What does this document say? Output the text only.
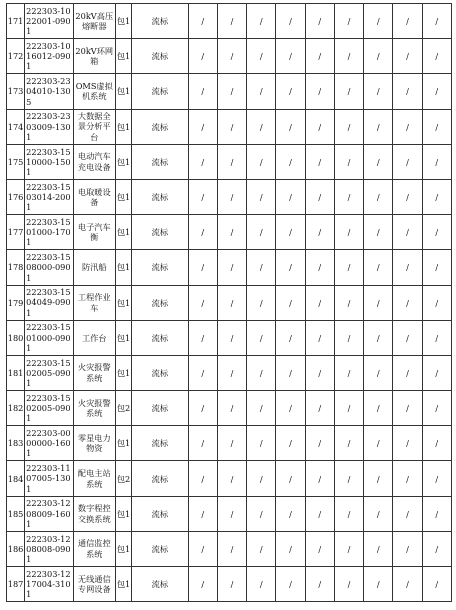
171	222303-10 22001-090 1	20kV高压 熔断器	包1	流标	/	/	/	/	/	/	/	/	/
172	222303-10 16012-090 1	20kV环网 箱	包1	流标	/	/	/	/	/	/	/	/	/
173	222303-23 04010-130 5	OMS虚拟 机系统	包1	流标	/	/	/	/	/	/	/	/	/
174	222303-23 03009-130 1	大数据全 景分析平 台	包1	流标	/	/	/	/	/	/	/	/	/
175	222303-15 10000-150 1	电动汽车 充电设备	包1	流标	/	/	/	/	/	/	/	/	/
176	222303-15 03014-200 1	电取暖设 备	包1	流标	/	/	/	/	/	/	/	/	/
177	222303-15 01000-170 1	电子汽车 衡	包1	流标	/	/	/	/	/	/	/	/	/
178	222303-15 08000-090 1	防汛船	包1	流标	/	/	/	/	/	/	/	/	/
179	222303-15 04049-090 1	工程作业 车	包1	流标	/	/	/	/	/	/	/	/	/
180	222303-15 01000-090 1	工作台	包1	流标	/	/	/	/	/	/	/	/	/
181	222303-15 02005-090 1	火灾报警 系统	包1	流标	/	/	/	/	/	/	/	/	/
182	222303-15 02005-090 1	火灾报警 系统	包2	流标	/	/	/	/	/	/	/	/	/
183	222303-00 00000-160 1	零星电力 物资	包1	流标	/	/	/	/	/	/	/	/	/
184	222303-11 07005-130 1	配电主站 系统	包2	流标	/	/	/	/	/	/	/	/	/
185	222303-12 08009-160 1	数字程控 交换系统	包1	流标	/	/	/	/	/	/	/	/	/
186	222303-12 08008-090 1	通信监控 系统	包1	流标	/	/	/	/	/	/	/	/	/
187	222303-12 17004-310 1	无线通信 专网设备	包1	流标	/	/	/	/	/	/	/	/	/
